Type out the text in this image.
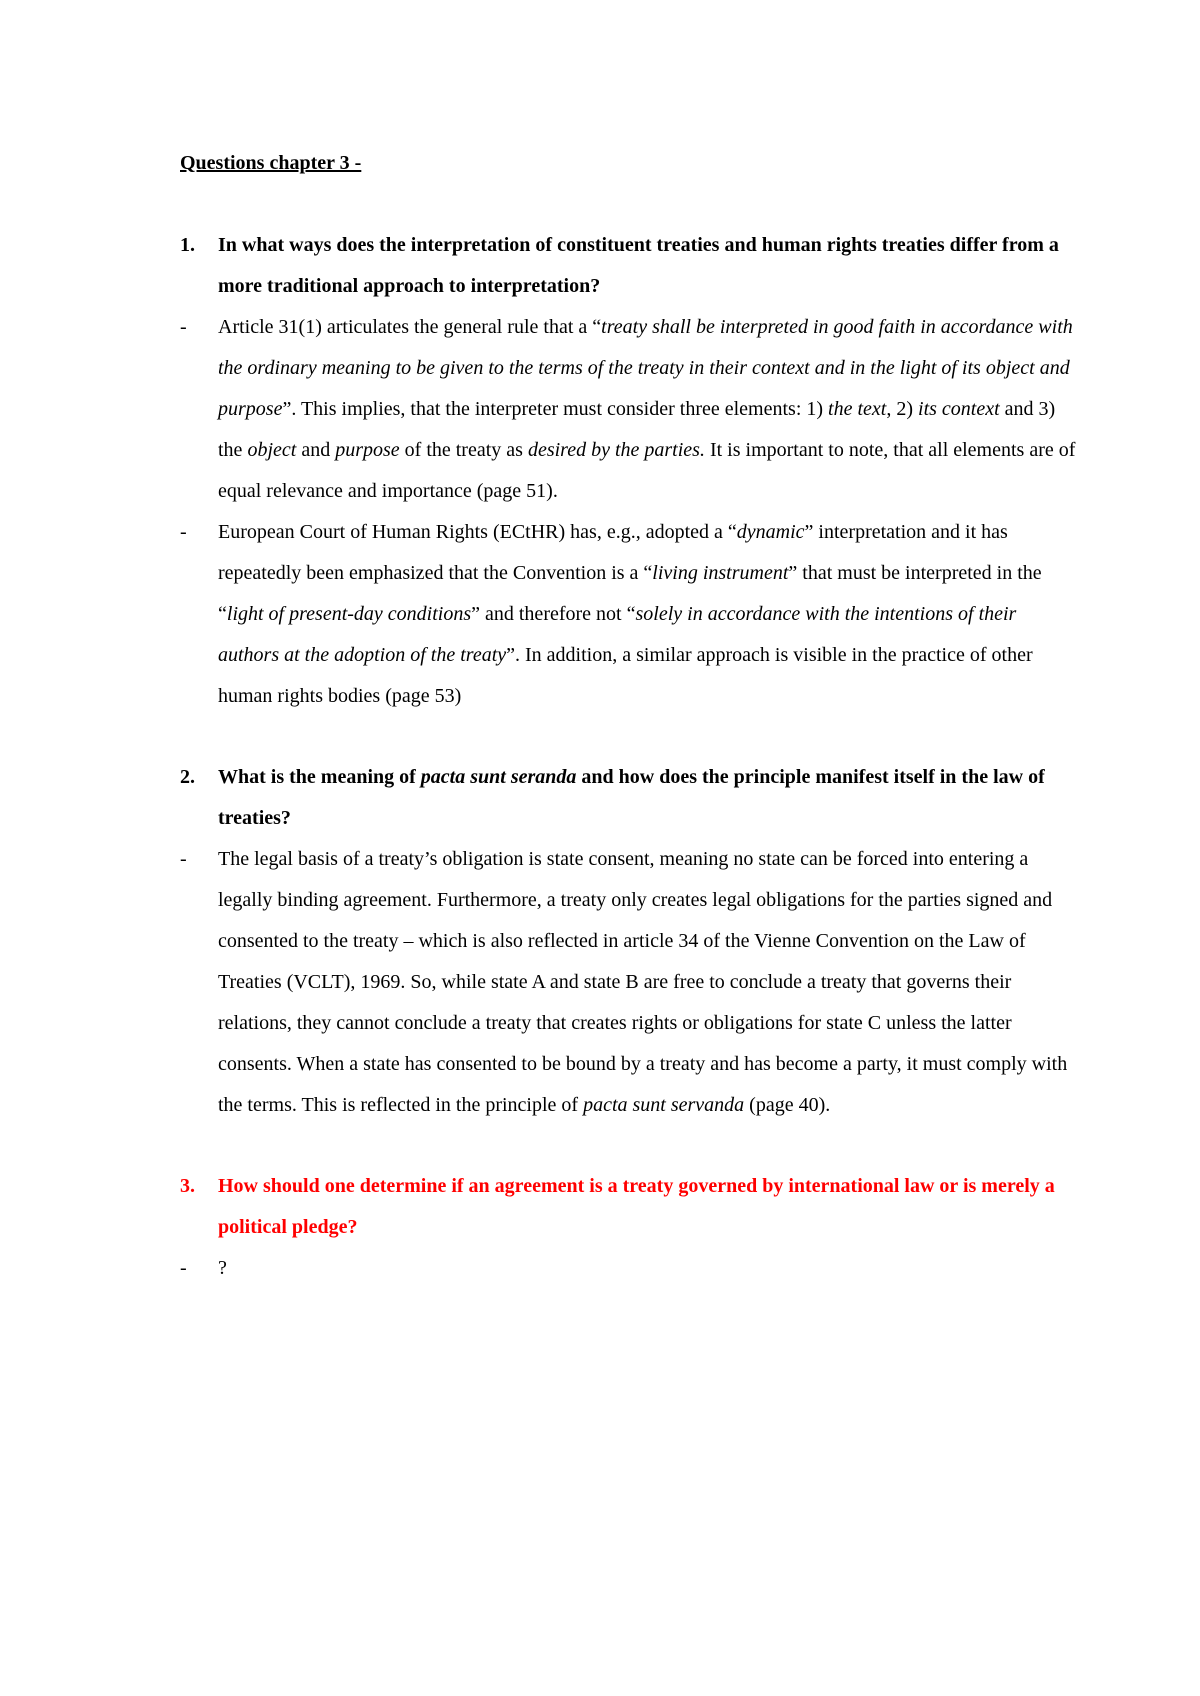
Questions chapter 3 -

1. In what ways does the interpretation of constituent treaties and human rights treaties differ from a more traditional approach to interpretation?

- Article 31(1) articulates the general rule that a “treaty shall be interpreted in good faith in accordance with the ordinary meaning to be given to the terms of the treaty in their context and in the light of its object and purpose”. This implies, that the interpreter must consider three elements: 1) the text, 2) its context and 3) the object and purpose of the treaty as desired by the parties. It is important to note, that all elements are of equal relevance and importance (page 51).

- European Court of Human Rights (ECtHR) has, e.g., adopted a “dynamic” interpretation and it has repeatedly been emphasized that the Convention is a “living instrument” that must be interpreted in the “light of present-day conditions” and therefore not “solely in accordance with the intentions of their authors at the adoption of the treaty”. In addition, a similar approach is visible in the practice of other human rights bodies (page 53)

2. What is the meaning of pacta sunt seranda and how does the principle manifest itself in the law of treaties?

- The legal basis of a treaty’s obligation is state consent, meaning no state can be forced into entering a legally binding agreement. Furthermore, a treaty only creates legal obligations for the parties signed and consented to the treaty – which is also reflected in article 34 of the Vienne Convention on the Law of Treaties (VCLT), 1969. So, while state A and state B are free to conclude a treaty that governs their relations, they cannot conclude a treaty that creates rights or obligations for state C unless the latter consents. When a state has consented to be bound by a treaty and has become a party, it must comply with the terms. This is reflected in the principle of pacta sunt servanda (page 40).

3. How should one determine if an agreement is a treaty governed by international law or is merely a political pledge?

- ?
